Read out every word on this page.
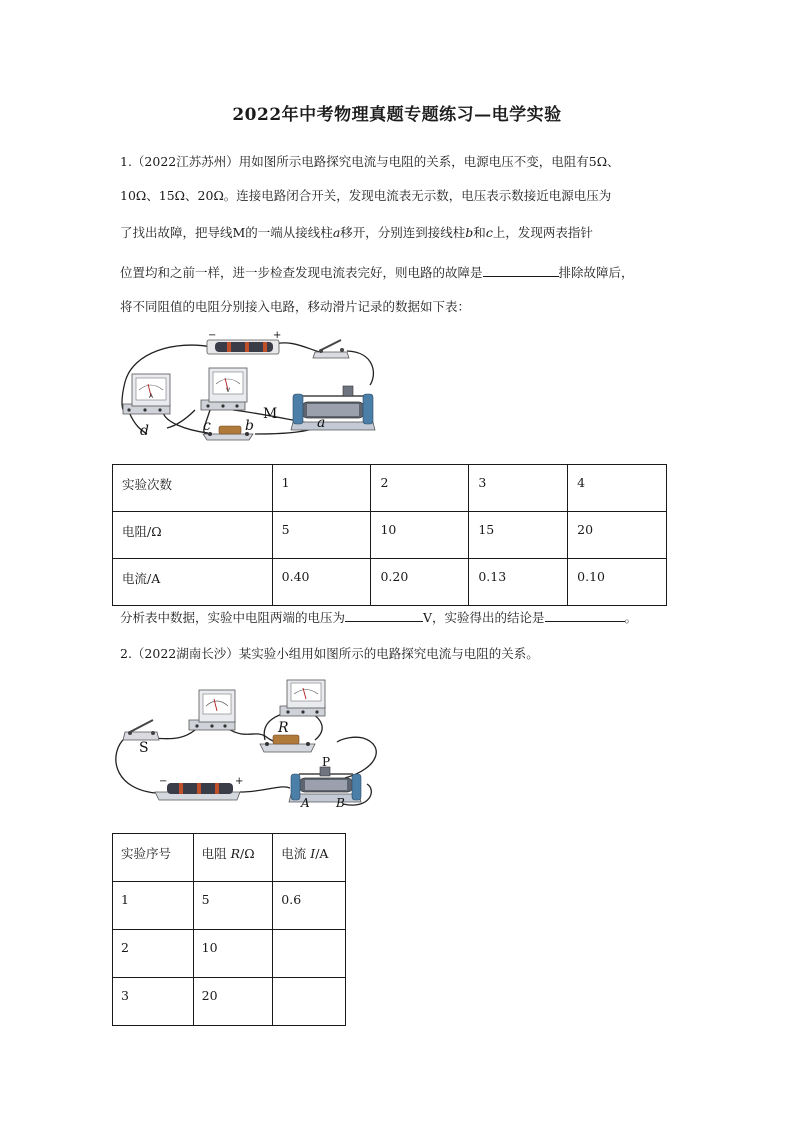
2022年中考物理真题专题练习—电学实验
1.（2022江苏苏州）用如图所示电路探究电流与电阻的关系，电源电压不变，电阻有5Ω、
10Ω、15Ω、20Ω。连接电路闭合开关，发现电流表无示数，电压表示数接近电源电压为
了找出故障，把导线M的一端从接线柱a移开，分别连到接线柱b和c上，发现两表指针
位置均和之前一样，进一步检查发现电流表完好，则电路的故障是	排除故障后，
将不同阻值的电阻分别接入电路，移动滑片记录的数据如下表：
−	+
A
V
M
a
b
c
d
实验次数	1	2	3	4
电阻/Ω	5	10	15	20
电流/A	0.40	0.20	0.13	0.10
分析表中数据，实验中电阻两端的电压为	V，实验得出的结论是	。
2.（2022湖南长沙）某实验小组用如图所示的电路探究电流与电阻的关系。
S
R
−	+
P
A B
实验序号	电阻 R/Ω	电流 I/A
1	5	0.6
2	10	
3	20	
